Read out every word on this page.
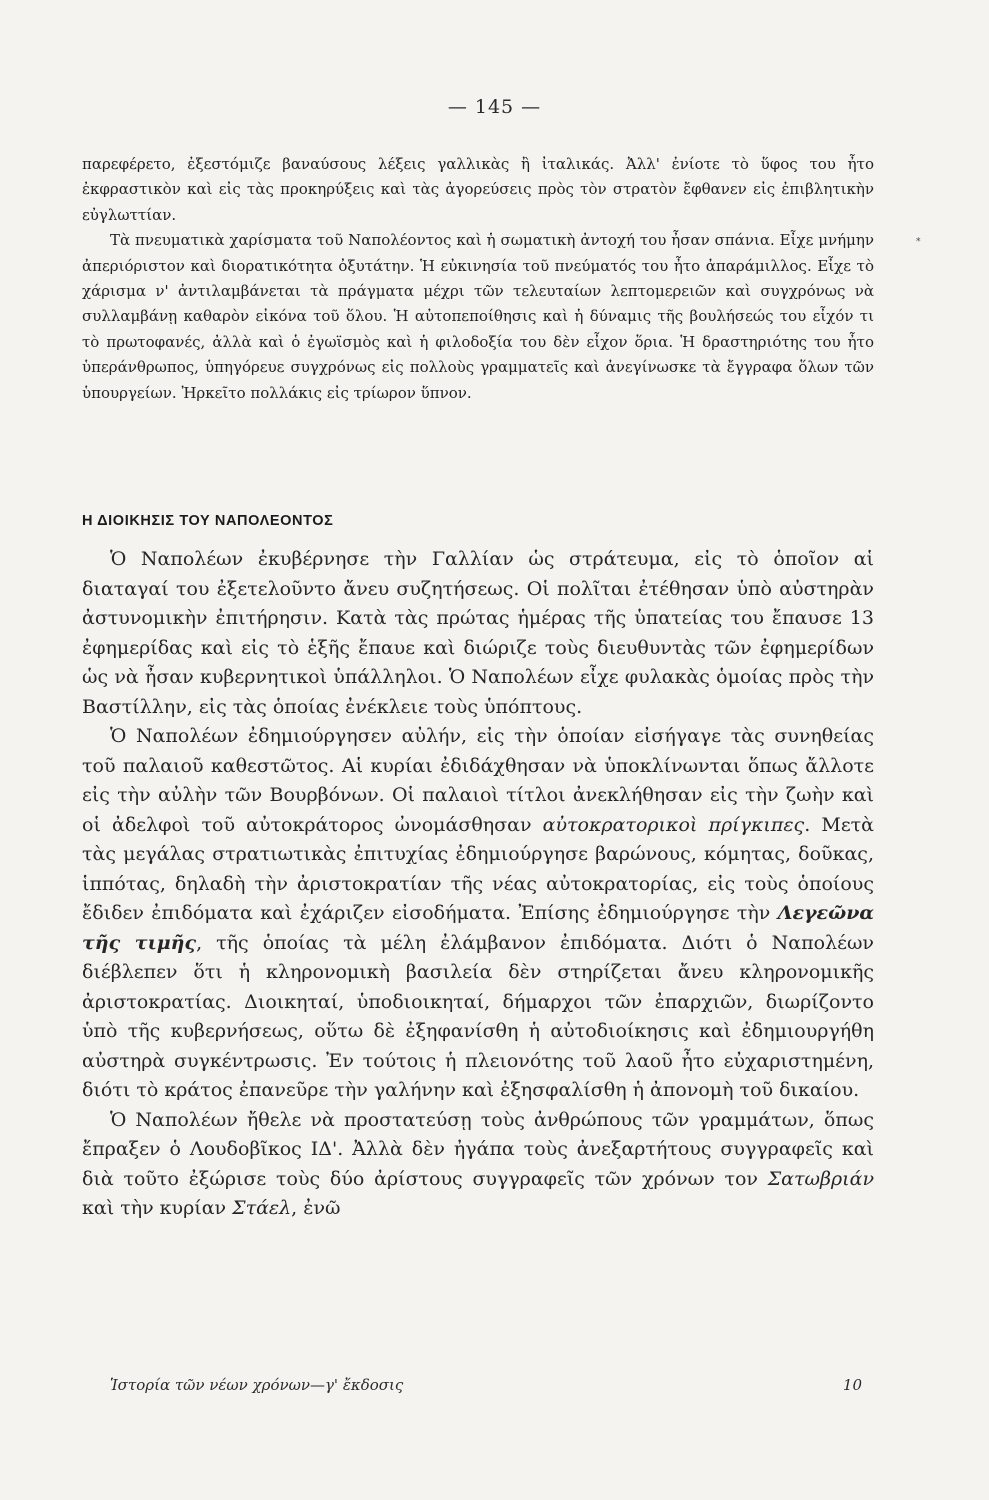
— 145 —
⁎

παρεφέρετο, ἐξεστόμιζε βαναύσους λέξεις γαλλικὰς ἢ ἰταλικάς. Ἀλλ' ἐνίοτε τὸ ὕφος του ἦτο ἐκφραστικὸν καὶ εἰς τὰς προκηρύξεις καὶ τὰς ἀγορεύσεις πρὸς τὸν στρατὸν ἔφθανεν εἰς ἐπιβλητικὴν εὐγλωττίαν.

Τὰ πνευματικὰ χαρίσματα τοῦ Ναπολέοντος καὶ ἡ σωματικὴ ἀντοχή του ἦσαν σπάνια. Εἶχε μνήμην ἀπεριόριστον καὶ διορατικότητα ὀξυτάτην. Ἡ εὐκινησία τοῦ πνεύματός του ἦτο ἀπαράμιλλος. Εἶχε τὸ χάρισμα ν' ἀντιλαμβάνεται τὰ πράγματα μέχρι τῶν τελευταίων λεπτομερειῶν καὶ συγχρόνως νὰ συλλαμβάνῃ καθαρὸν εἰκόνα τοῦ ὅλου. Ἡ αὐτοπεποίθησις καὶ ἡ δύναμις τῆς βουλήσεώς του εἶχόν τι τὸ πρωτοφανές, ἀλλὰ καὶ ὁ ἐγωϊσμὸς καὶ ἡ φιλοδοξία του δὲν εἶχον ὅρια. Ἡ δραστηριότης του ἦτο ὑπεράνθρωπος, ὑπηγόρευε συγχρόνως εἰς πολλοὺς γραμματεῖς καὶ ἀνεγίνωσκε τὰ ἔγγραφα ὅλων τῶν ὑπουργείων. Ἠρκεῖτο πολλάκις εἰς τρίωρον ὕπνον.

Η ΔΙΟΙΚΗΣΙΣ ΤΟΥ ΝΑΠΟΛΕΟΝΤΟΣ

Ὁ Ναπολέων ἐκυβέρνησε τὴν Γαλλίαν ὡς στράτευμα, εἰς τὸ ὁποῖον αἱ διαταγαί του ἐξετελοῦντο ἄνευ συζητήσεως. Οἱ πολῖται ἐτέθησαν ὑπὸ αὐστηρὰν ἀστυνομικὴν ἐπιτήρησιν. Κατὰ τὰς πρώτας ἡμέρας τῆς ὑπατείας του ἔπαυσε 13 ἐφημερίδας καὶ εἰς τὸ ἑξῆς ἔπαυε καὶ διώριζε τοὺς διευθυντὰς τῶν ἐφημερίδων ὡς νὰ ἦσαν κυβερνητικοὶ ὑπάλληλοι. Ὁ Ναπολέων εἶχε φυλακὰς ὁμοίας πρὸς τὴν Βαστίλλην, εἰς τὰς ὁποίας ἐνέκλειε τοὺς ὑπόπτους.

Ὁ Ναπολέων ἐδημιούργησεν αὐλήν, εἰς τὴν ὁποίαν εἰσήγαγε τὰς συνηθείας τοῦ παλαιοῦ καθεστῶτος. Αἱ κυρίαι ἐδιδάχθησαν νὰ ὑποκλίνωνται ὅπως ἄλλοτε εἰς τὴν αὐλὴν τῶν Βουρβόνων. Οἱ παλαιοὶ τίτλοι ἀνεκλήθησαν εἰς τὴν ζωὴν καὶ οἱ ἀδελφοὶ τοῦ αὐτοκράτορος ὠνομάσθησαν αὐτοκρατορικοὶ πρίγκιπες. Μετὰ τὰς μεγάλας στρατιωτικὰς ἐπιτυχίας ἐδημιούργησε βαρώνους, κόμητας, δοῦκας, ἱππότας, δηλαδὴ τὴν ἀριστοκρατίαν τῆς νέας αὐτοκρατορίας, εἰς τοὺς ὁποίους ἔδιδεν ἐπιδόματα καὶ ἐχάριζεν εἰσοδήματα. Ἐπίσης ἐδημιούργησε τὴν Λεγεῶνα τῆς τιμῆς, τῆς ὁποίας τὰ μέλη ἐλάμβανον ἐπιδόματα. Διότι ὁ Ναπολέων διέβλεπεν ὅτι ἡ κληρονομικὴ βασιλεία δὲν στηρίζεται ἄνευ κληρονομικῆς ἀριστοκρατίας. Διοικηταί, ὑποδιοικηταί, δήμαρχοι τῶν ἐπαρχιῶν, διωρίζοντο ὑπὸ τῆς κυβερνήσεως, οὕτω δὲ ἐξηφανίσθη ἡ αὐτοδιοίκησις καὶ ἐδημιουργήθη αὐστηρὰ συγκέντρωσις. Ἐν τούτοις ἡ πλειονότης τοῦ λαοῦ ἦτο εὐχαριστημένη, διότι τὸ κράτος ἐπανεῦρε τὴν γαλήνην καὶ ἐξησφαλίσθη ἡ ἀπονομὴ τοῦ δικαίου.

Ὁ Ναπολέων ἤθελε νὰ προστατεύσῃ τοὺς ἀνθρώπους τῶν γραμμάτων, ὅπως ἔπραξεν ὁ Λουδοβῖκος ΙΔ'. Ἀλλὰ δὲν ἠγάπα τοὺς ἀνεξαρτήτους συγγραφεῖς καὶ διὰ τοῦτο ἐξώρισε τοὺς δύο ἀρίστους συγγραφεῖς τῶν χρόνων τον Σατωβριάν καὶ τὴν κυρίαν Στάελ, ἐνῶ

Ἱστορία τῶν νέων χρόνων—γ' ἔκδοσις	10
